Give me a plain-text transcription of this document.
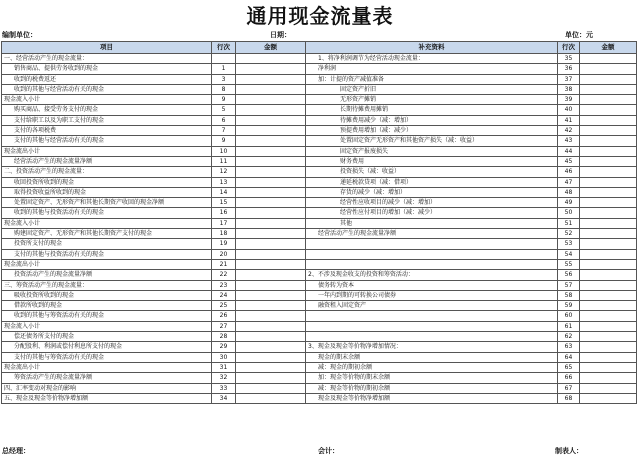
通用现金流量表
编制单位：	日期：	单位：元
项目	行次	金额	补充资料	行次	金额
一、经营活动产生的现金流量：			1、将净利润调节为经营活动现金流量：	35	
销售商品、提供劳务收到的现金	1		净利润	36	
收到的税费返还	3		加：计提的资产减值准备	37	
收到的其他与经营活动有关的现金	8		固定资产折旧	38	
现金流入小计	9		无形资产摊销	39	
购买商品、接受劳务支付的现金	5		长期待摊费用摊销	40	
支付给职工以及为职工支付的现金	6		待摊费用减少（减：增加）	41	
支付的各项税费	7		预提费用增加（减：减少）	42	
支付的其他与经营活动有关的现金	9		处置固定资产无形资产和其他资产损失（减：收益）	43	
现金流出小计	10		固定资产报废损失	44	
经营活动产生的现金流量净额	11		财务费用	45	
二、投资活动产生的现金流量：	12		投资损失（减：收益）	46	
收回投资所收到的现金	13		递延税款贷项（减：借项）	47	
取得投资收益所收到的现金	14		存货的减少（减：增加）	48	
处置固定资产、无形资产和其他长期资产收回的现金净额	15		经营性应收项目的减少（减：增加）	49	
收到的其他与投资活动有关的现金	16		经营性应付项目的增加（减：减少）	50	
现金流入小计	17		其他	51	
购建固定资产、无形资产和其他长期资产支付的现金	18		经营活动产生的现金流量净额	52	
投资所支付的现金	19			53	
支付的其他与投资活动有关的现金	20			54	
现金流出小计	21			55	
投资活动产生的现金流量净额	22		2、不涉及现金收支的投资和筹资活动：	56	
三、筹资活动产生的现金流量：	23		债务转为资本	57	
吸收投资所收到的现金	24		一年内到期的可转换公司债券	58	
借款所收到的现金	25		融资租入固定资产	59	
收到的其他与筹资活动有关的现金	26			60	
现金流入小计	27			61	
偿还债务所支付的现金	28			62	
分配股利、利润或偿付利息所支付的现金	29		3、现金及现金等价物净增加情况：	63	
支付的其他与筹资活动有关的现金	30		现金的期末余额	64	
现金流出小计	31		减：现金的期初余额	65	
筹资活动产生的现金流量净额	32		加：现金等价物的期末余额	66	
四、汇率变动对现金的影响	33		减：现金等价物的期初余额	67	
五、现金及现金等价物净增加额	34		现金及现金等价物净增加额	68	
总经理：	会计：	制表人：
